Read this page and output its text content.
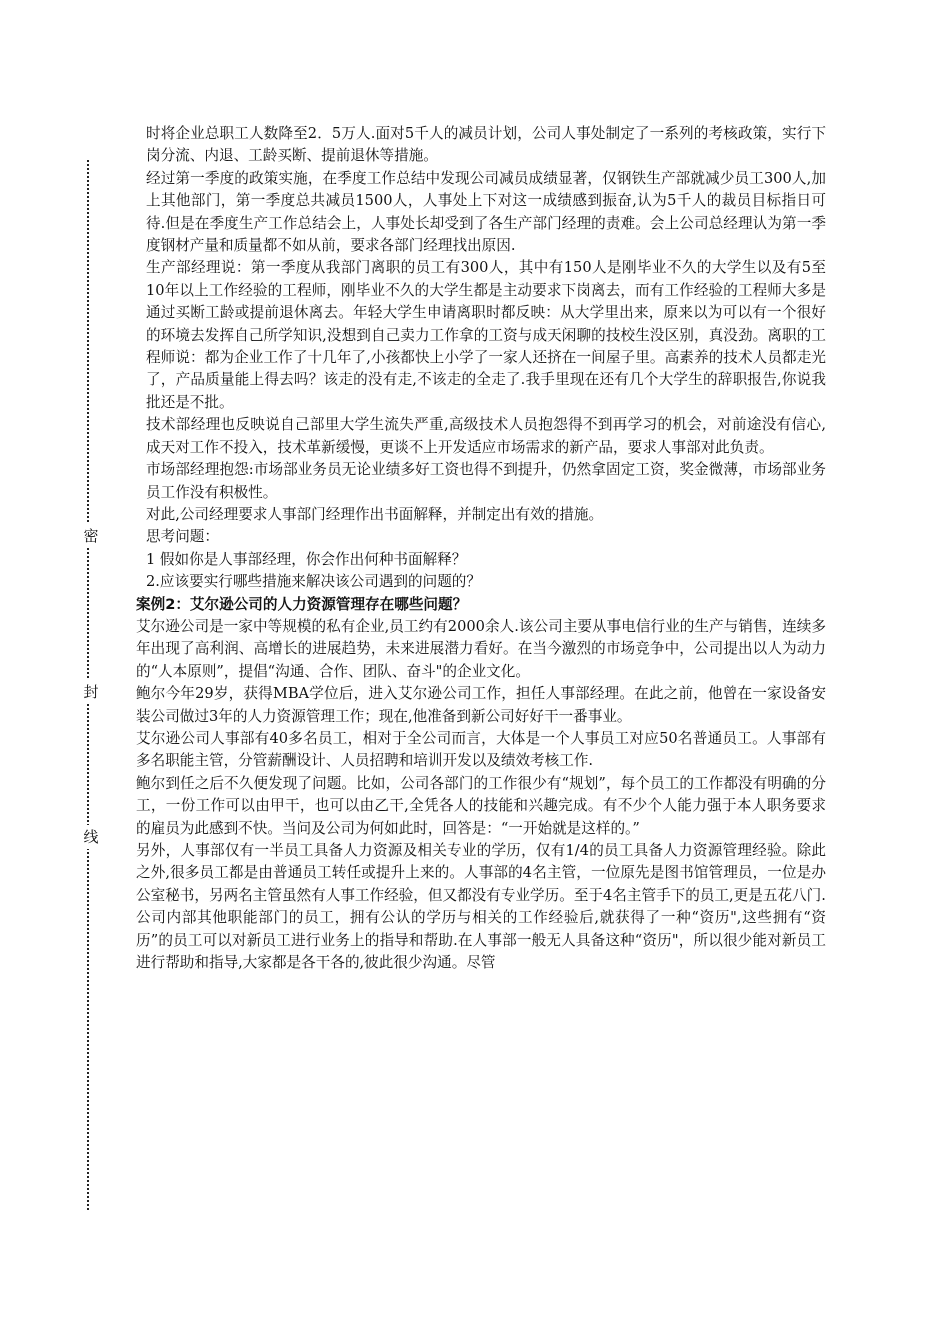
密
封
线

时将企业总职工人数降至2．5万人.面对5千人的减员计划，公司人事处制定了一系列的考核政策，实行下岗分流、内退、工龄买断、提前退休等措施。

经过第一季度的政策实施，在季度工作总结中发现公司减员成绩显著，仅钢铁生产部就减少员工300人,加上其他部门，第一季度总共减员1500人，人事处上下对这一成绩感到振奋,认为5千人的裁员目标指日可待.但是在季度生产工作总结会上，人事处长却受到了各生产部门经理的责难。会上公司总经理认为第一季度钢材产量和质量都不如从前，要求各部门经理找出原因.

生产部经理说：第一季度从我部门离职的员工有300人，其中有150人是刚毕业不久的大学生以及有5至10年以上工作经验的工程师，刚毕业不久的大学生都是主动要求下岗离去，而有工作经验的工程师大多是通过买断工龄或提前退休离去。年轻大学生申请离职时都反映：从大学里出来，原来以为可以有一个很好的环境去发挥自己所学知识,没想到自己卖力工作拿的工资与成天闲聊的技校生没区别，真没劲。离职的工程师说：都为企业工作了十几年了,小孩都快上小学了一家人还挤在一间屋子里。高素养的技术人员都走光了，产品质量能上得去吗？该走的没有走,不该走的全走了.我手里现在还有几个大学生的辞职报告,你说我批还是不批。

技术部经理也反映说自己部里大学生流失严重,高级技术人员抱怨得不到再学习的机会，对前途没有信心,成天对工作不投入，技术革新缓慢，更谈不上开发适应市场需求的新产品，要求人事部对此负责。

市场部经理抱怨:市场部业务员无论业绩多好工资也得不到提升，仍然拿固定工资，奖金微薄，市场部业务员工作没有积极性。

对此,公司经理要求人事部门经理作出书面解释，并制定出有效的措施。

思考问题：

1 假如你是人事部经理，你会作出何种书面解释？

2.应该要实行哪些措施来解决该公司遇到的问题的？

案例2：艾尔逊公司的人力资源管理存在哪些问题？

艾尔逊公司是一家中等规模的私有企业,员工约有2000余人.该公司主要从事电信行业的生产与销售，连续多年出现了高利润、高增长的进展趋势，未来进展潜力看好。在当今激烈的市场竞争中，公司提出以人为动力的“人本原则”，提倡“沟通、合作、团队、奋斗"的企业文化。

鲍尔今年29岁，获得MBA学位后，进入艾尔逊公司工作，担任人事部经理。在此之前，他曾在一家设备安装公司做过3年的人力资源管理工作；现在,他准备到新公司好好干一番事业。

艾尔逊公司人事部有40多名员工，相对于全公司而言，大体是一个人事员工对应50名普通员工。人事部有多名职能主管，分管薪酬设计、人员招聘和培训开发以及绩效考核工作.

鲍尔到任之后不久便发现了问题。比如，公司各部门的工作很少有“规划”，每个员工的工作都没有明确的分工，一份工作可以由甲干，也可以由乙干,全凭各人的技能和兴趣完成。有不少个人能力强于本人职务要求的雇员为此感到不快。当问及公司为何如此时，回答是：“一开始就是这样的。”

另外，人事部仅有一半员工具备人力资源及相关专业的学历，仅有1/4的员工具备人力资源管理经验。除此之外,很多员工都是由普通员工转任或提升上来的。人事部的4名主管，一位原先是图书馆管理员，一位是办公室秘书，另两名主管虽然有人事工作经验，但又都没有专业学历。至于4名主管手下的员工,更是五花八门.

公司内部其他职能部门的员工，拥有公认的学历与相关的工作经验后,就获得了一种“资历",这些拥有“资历”的员工可以对新员工进行业务上的指导和帮助.在人事部一般无人具备这种“资历"，所以很少能对新员工进行帮助和指导,大家都是各干各的,彼此很少沟通。尽管
